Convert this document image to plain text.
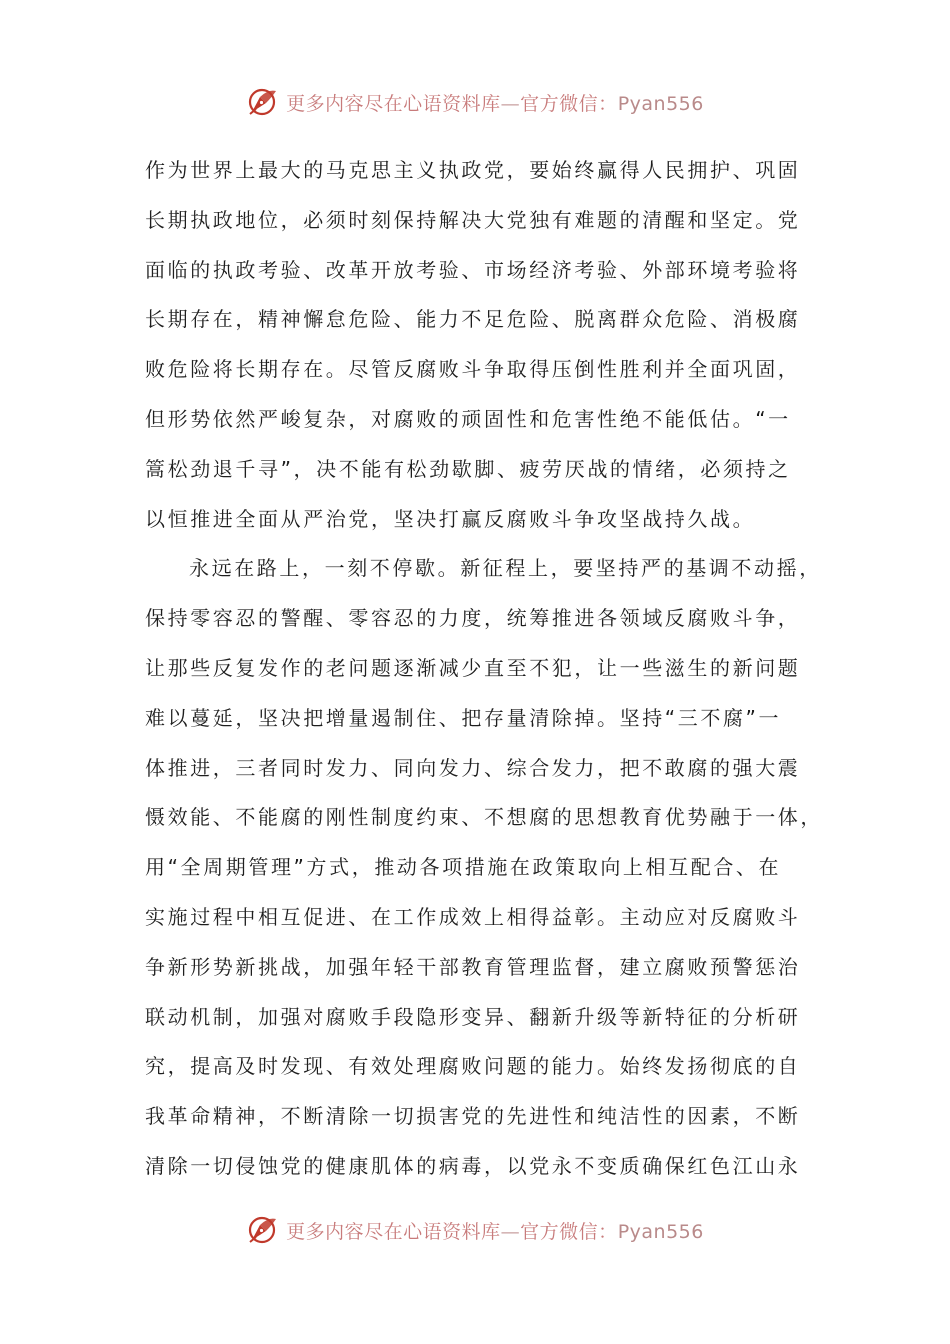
更多内容尽在心语资料库—官方微信：Pyan556
作为世界上最大的马克思主义执政党，要始终赢得人民拥护、巩固
长期执政地位，必须时刻保持解决大党独有难题的清醒和坚定。党
面临的执政考验、改革开放考验、市场经济考验、外部环境考验将
长期存在，精神懈怠危险、能力不足危险、脱离群众危险、消极腐
败危险将长期存在。尽管反腐败斗争取得压倒性胜利并全面巩固，
但形势依然严峻复杂，对腐败的顽固性和危害性绝不能低估。“一
篙松劲退千寻”，决不能有松劲歇脚、疲劳厌战的情绪，必须持之
以恒推进全面从严治党，坚决打赢反腐败斗争攻坚战持久战。
永远在路上，一刻不停歇。新征程上，要坚持严的基调不动摇，
保持零容忍的警醒、零容忍的力度，统筹推进各领域反腐败斗争，
让那些反复发作的老问题逐渐减少直至不犯，让一些滋生的新问题
难以蔓延，坚决把增量遏制住、把存量清除掉。坚持“三不腐”一
体推进，三者同时发力、同向发力、综合发力，把不敢腐的强大震
慑效能、不能腐的刚性制度约束、不想腐的思想教育优势融于一体，
用“全周期管理”方式，推动各项措施在政策取向上相互配合、在
实施过程中相互促进、在工作成效上相得益彰。主动应对反腐败斗
争新形势新挑战，加强年轻干部教育管理监督，建立腐败预警惩治
联动机制，加强对腐败手段隐形变异、翻新升级等新特征的分析研
究，提高及时发现、有效处理腐败问题的能力。始终发扬彻底的自
我革命精神，不断清除一切损害党的先进性和纯洁性的因素，不断
清除一切侵蚀党的健康肌体的病毒，以党永不变质确保红色江山永
更多内容尽在心语资料库—官方微信：Pyan556
